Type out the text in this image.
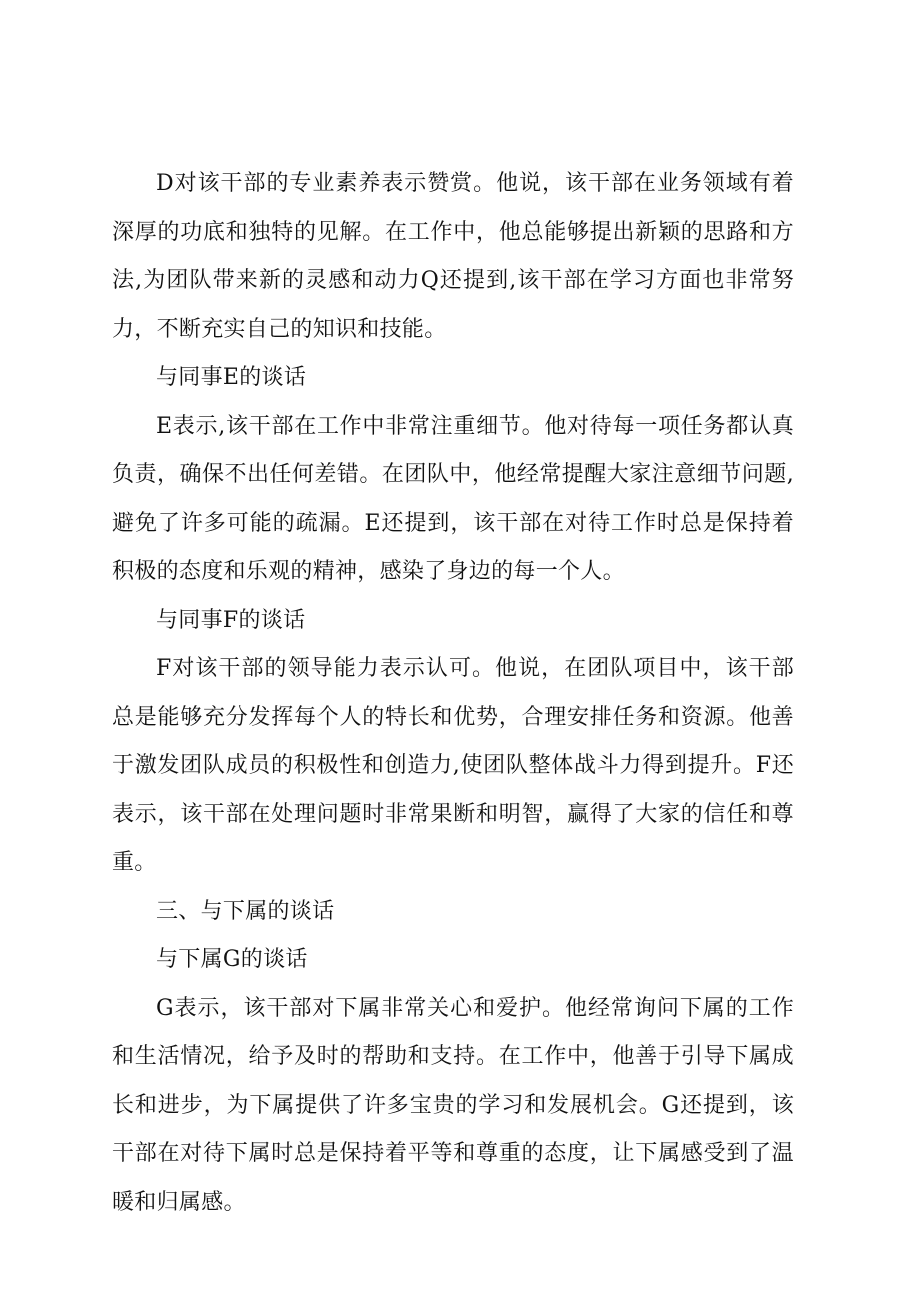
D对该干部的专业素养表示赞赏。他说，该干部在业务领域有着深厚的功底和独特的见解。在工作中，他总能够提出新颖的思路和方法,为团队带来新的灵感和动力Q还提到,该干部在学习方面也非常努力，不断充实自己的知识和技能。

与同事E的谈话

E表示,该干部在工作中非常注重细节。他对待每一项任务都认真负责，确保不出任何差错。在团队中，他经常提醒大家注意细节问题,避免了许多可能的疏漏。E还提到，该干部在对待工作时总是保持着积极的态度和乐观的精神，感染了身边的每一个人。

与同事F的谈话

F对该干部的领导能力表示认可。他说，在团队项目中，该干部总是能够充分发挥每个人的特长和优势，合理安排任务和资源。他善于激发团队成员的积极性和创造力,使团队整体战斗力得到提升。F还表示，该干部在处理问题时非常果断和明智，赢得了大家的信任和尊重。

三、与下属的谈话

与下属G的谈话

G表示，该干部对下属非常关心和爱护。他经常询问下属的工作和生活情况，给予及时的帮助和支持。在工作中，他善于引导下属成长和进步，为下属提供了许多宝贵的学习和发展机会。G还提到，该干部在对待下属时总是保持着平等和尊重的态度，让下属感受到了温暖和归属感。
